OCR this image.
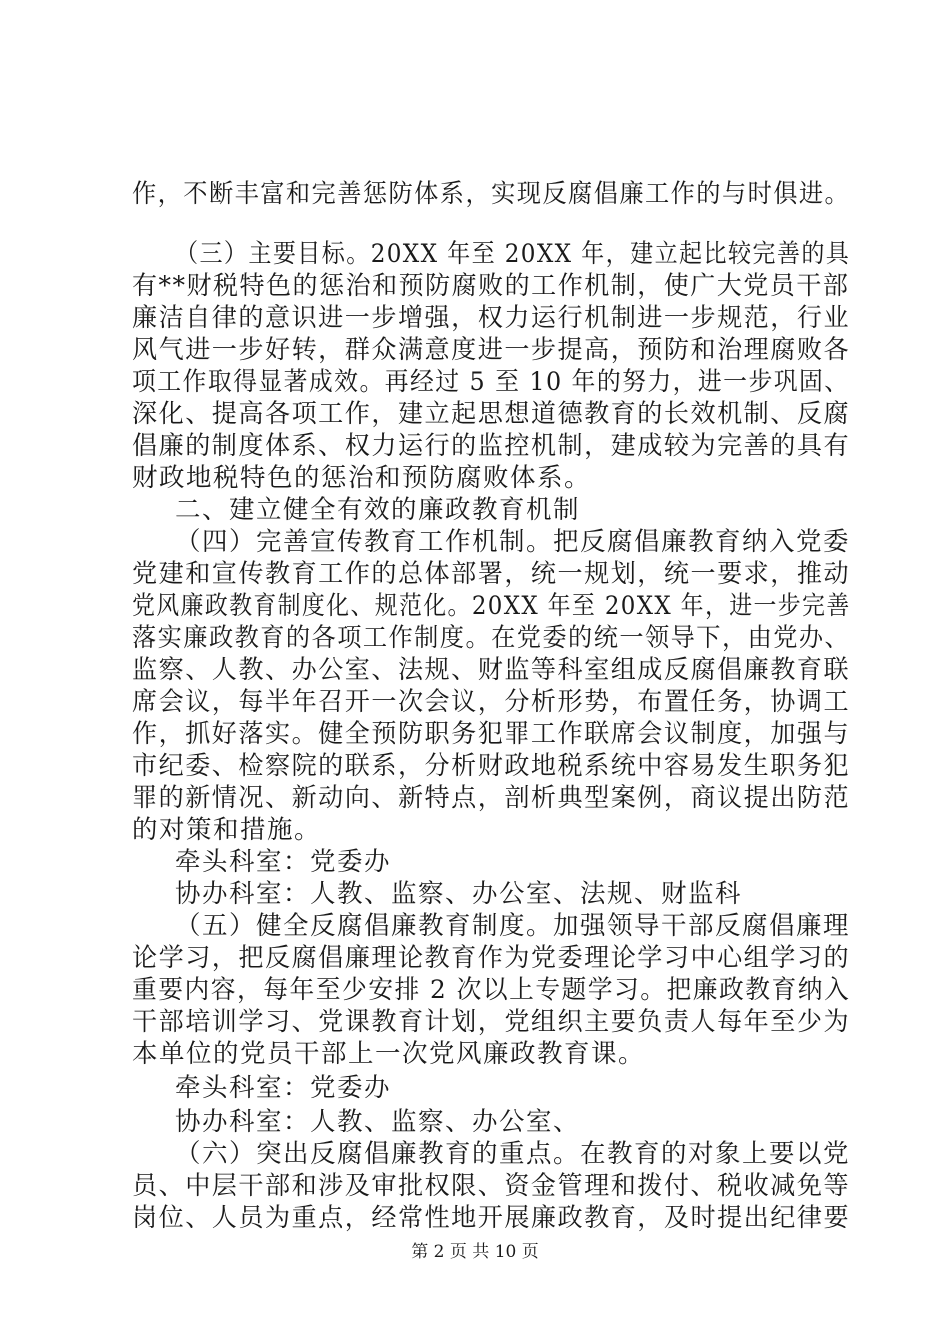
作，不断丰富和完善惩防体系，实现反腐倡廉工作的与时俱进。
（三）主要目标。20XX 年至 20XX 年，建立起比较完善的具
有**财税特色的惩治和预防腐败的工作机制，使广大党员干部
廉洁自律的意识进一步增强，权力运行机制进一步规范，行业
风气进一步好转，群众满意度进一步提高，预防和治理腐败各
项工作取得显著成效。再经过 5 至 10 年的努力，进一步巩固、
深化、提高各项工作，建立起思想道德教育的长效机制、反腐
倡廉的制度体系、权力运行的监控机制，建成较为完善的具有
财政地税特色的惩治和预防腐败体系。
二、建立健全有效的廉政教育机制
（四）完善宣传教育工作机制。把反腐倡廉教育纳入党委
党建和宣传教育工作的总体部署，统一规划，统一要求，推动
党风廉政教育制度化、规范化。20XX 年至 20XX 年，进一步完善
落实廉政教育的各项工作制度。在党委的统一领导下，由党办、
监察、人教、办公室、法规、财监等科室组成反腐倡廉教育联
席会议，每半年召开一次会议，分析形势，布置任务，协调工
作，抓好落实。健全预防职务犯罪工作联席会议制度，加强与
市纪委、检察院的联系，分析财政地税系统中容易发生职务犯
罪的新情况、新动向、新特点，剖析典型案例，商议提出防范
的对策和措施。
牵头科室：党委办
协办科室：人教、监察、办公室、法规、财监科
（五）健全反腐倡廉教育制度。加强领导干部反腐倡廉理
论学习，把反腐倡廉理论教育作为党委理论学习中心组学习的
重要内容，每年至少安排 2 次以上专题学习。把廉政教育纳入
干部培训学习、党课教育计划，党组织主要负责人每年至少为
本单位的党员干部上一次党风廉政教育课。
牵头科室：党委办
协办科室：人教、监察、办公室、
（六）突出反腐倡廉教育的重点。在教育的对象上要以党
员、中层干部和涉及审批权限、资金管理和拨付、税收减免等
岗位、人员为重点，经常性地开展廉政教育，及时提出纪律要
第 2 页 共 10 页
